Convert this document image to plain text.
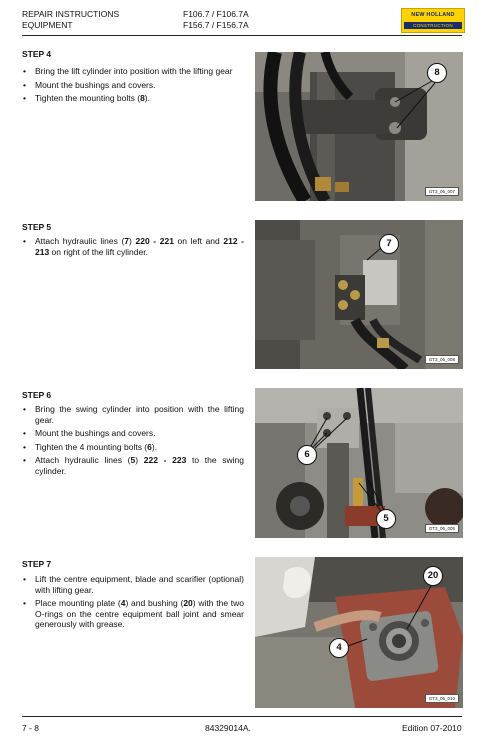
REPAIR INSTRUCTIONS
EQUIPMENT
F106.7 / F106.7A
F156.7 / F156.7A
NEW HOLLAND
CONSTRUCTION
STEP 4
• Bring the lift cylinder into position with the lifting gear
• Mount the bushings and covers.
• Tighten the mounting bolts (8).
8
GT3_06_007
STEP 5
• Attach hydraulic lines (7) 220 - 221 on left and 212 - 213 on right of the lift cylinder.
7
GT3_06_008
STEP 6
• Bring the swing cylinder into position with the lifting gear.
• Mount the bushings and covers.
• Tighten the 4 mounting bolts (6).
• Attach hydraulic lines (5) 222 - 223 to the swing cylinder.
6
5
GT3_06_005
STEP 7
• Lift the centre equipment, blade and scarifier (optional) with lifting gear.
• Place mounting plate (4) and bushing (20) with the two O-rings on the centre equipment ball joint and smear generously with grease.
20
4
GT3_06_010
7 - 8	84329014A.	Edition 07-2010
